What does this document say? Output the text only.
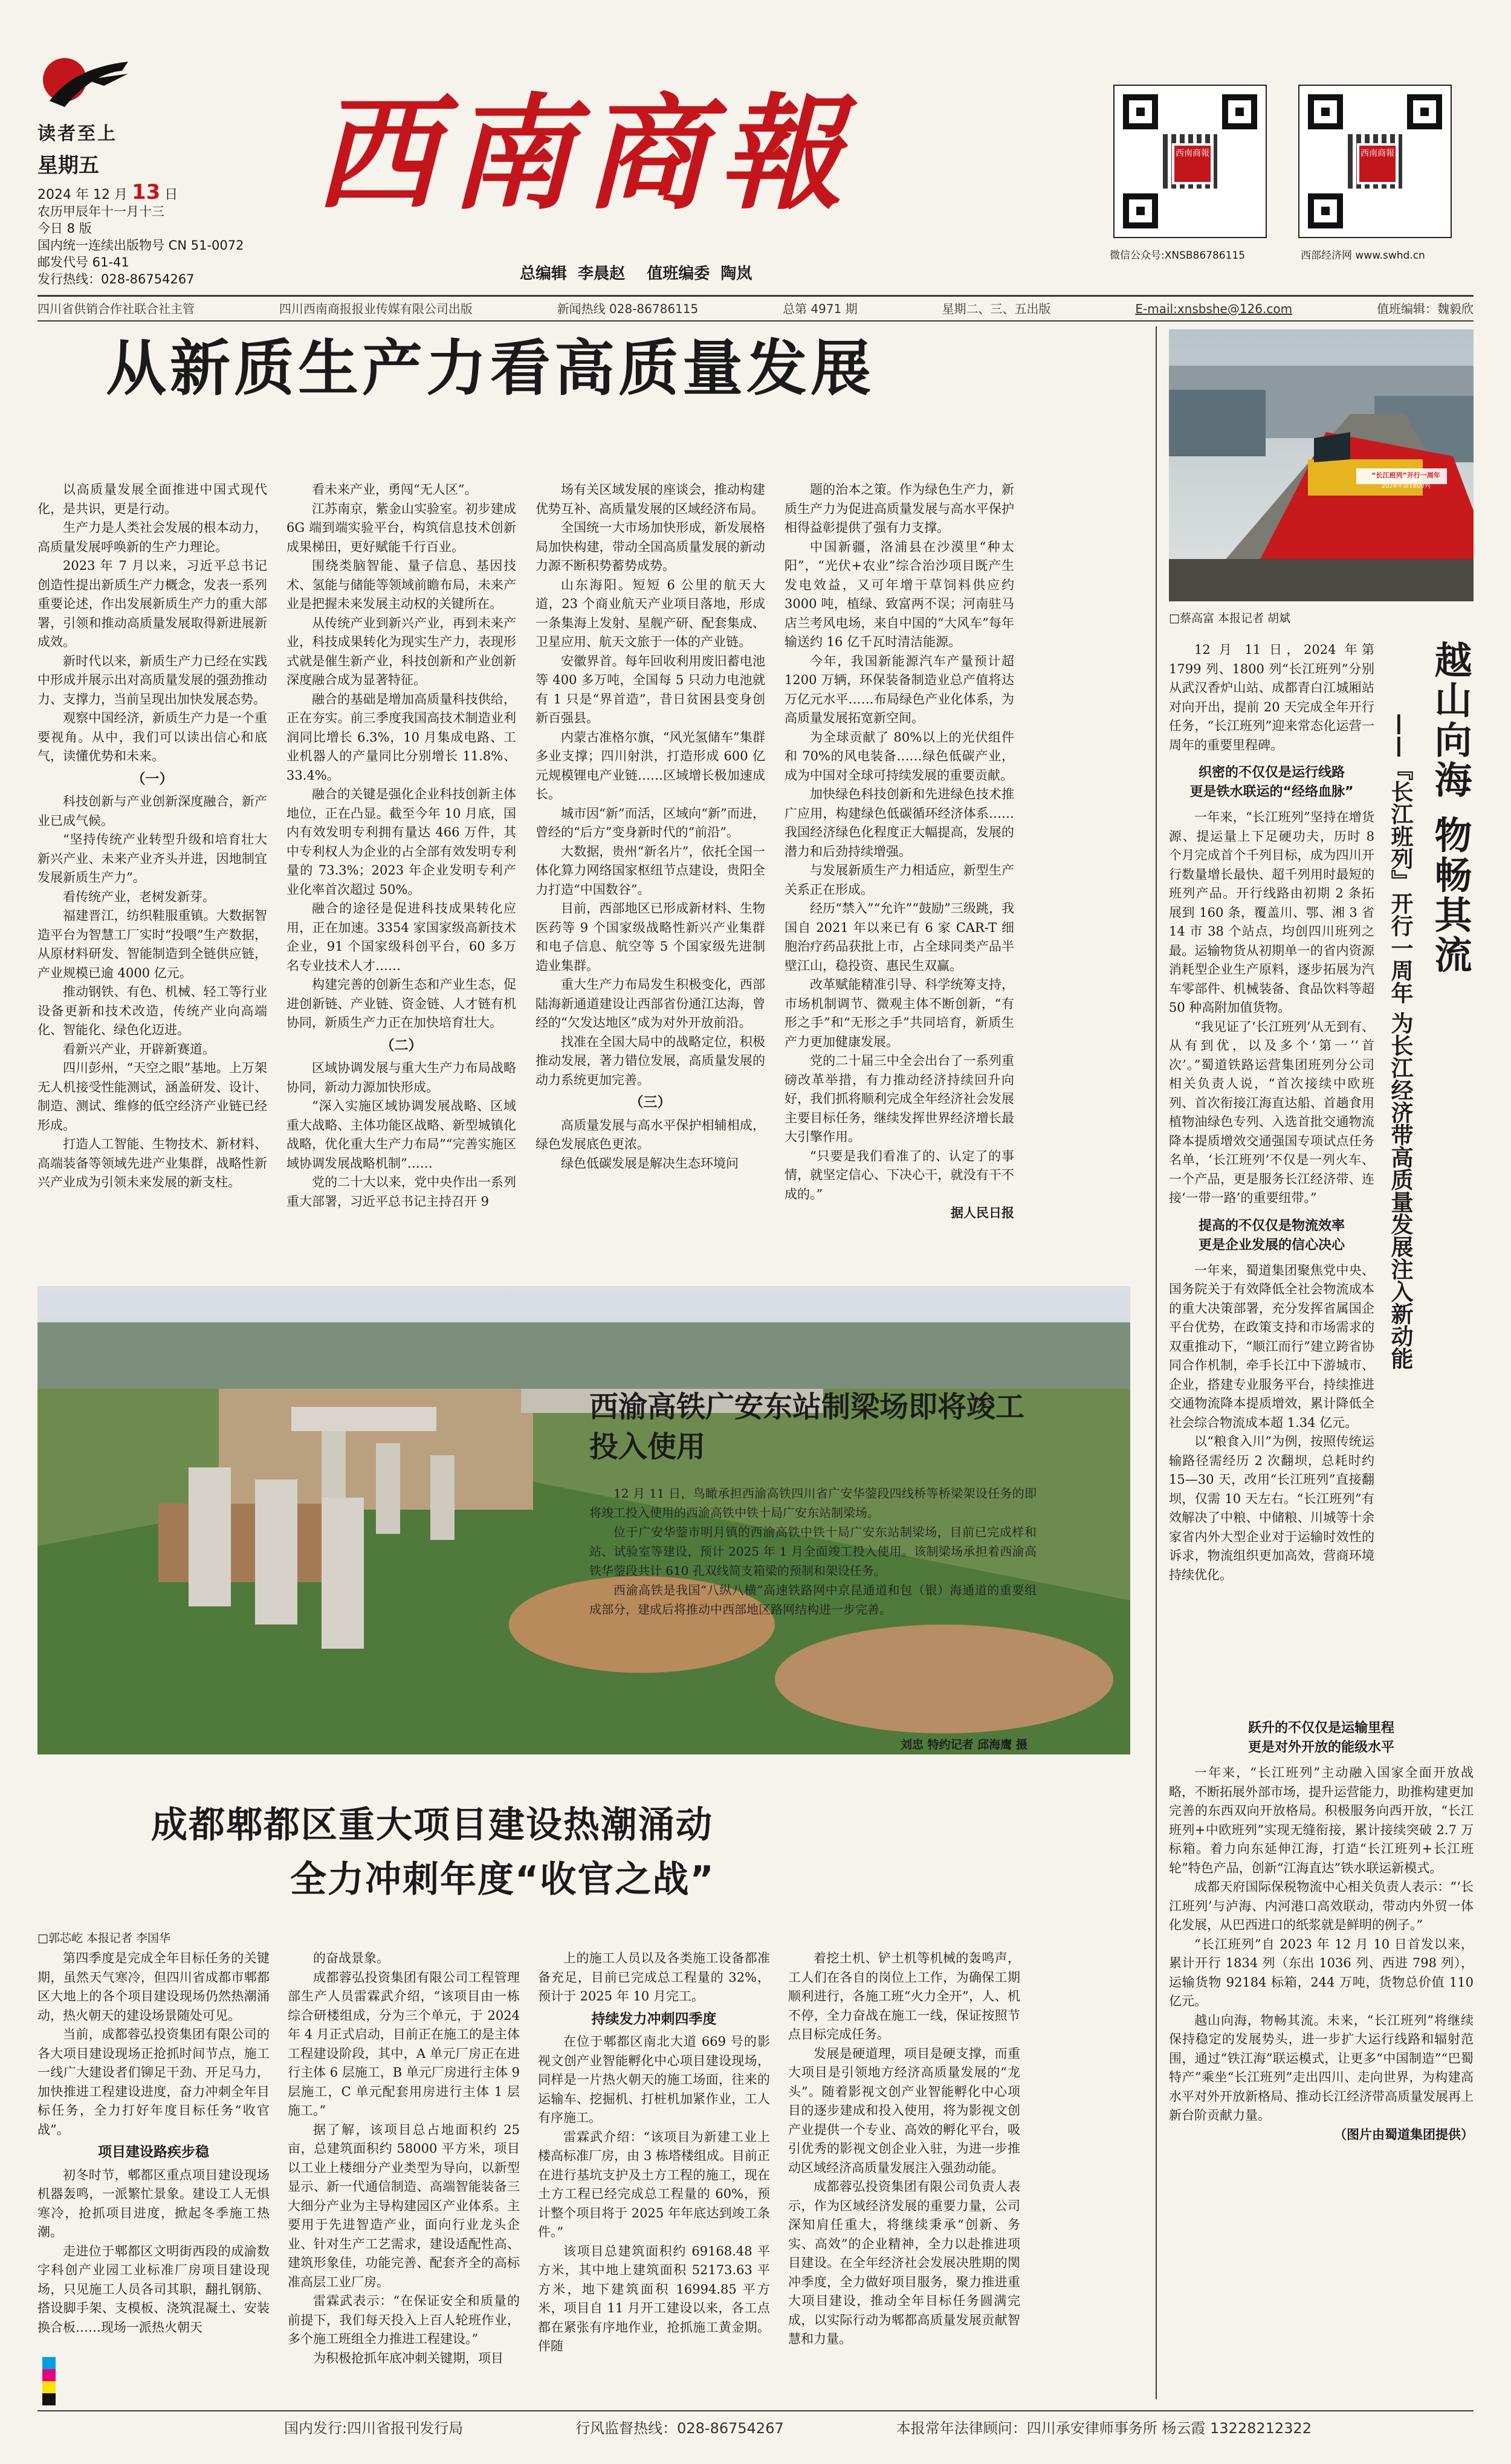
读者至上
星期五
2024 年 12 月 13 日
农历甲辰年十一月十三
今日 8 版
国内统一连续出版物号 CN 51-0072
邮发代号 61-41
发行热线：028-86754267
西南商報
总编辑  李晨赵    值班编委  陶岚
西南商報	西南商報
微信公众号:XNSB86786115	西部经济网 www.swhd.cn
四川省供销合作社联合社主管	四川西南商报报业传媒有限公司出版	新闻热线 028-86786115	总第 4971 期	星期二、三、五出版	E-mail:xnsbshe@126.com	值班编辑：魏毅欣
从新质生产力看高质量发展

以高质量发展全面推进中国式现代化，是共识，更是行动。

生产力是人类社会发展的根本动力，高质量发展呼唤新的生产力理论。

2023 年 7 月以来，习近平总书记创造性提出新质生产力概念，发表一系列重要论述，作出发展新质生产力的重大部署，引领和推动高质量发展取得新进展新成效。

新时代以来，新质生产力已经在实践中形成并展示出对高质量发展的强劲推动力、支撑力，当前呈现出加快发展态势。

观察中国经济，新质生产力是一个重要视角。从中，我们可以读出信心和底气，读懂优势和未来。

（一）

科技创新与产业创新深度融合，新产业已成气候。

“坚持传统产业转型升级和培育壮大新兴产业、未来产业齐头并进，因地制宜发展新质生产力”。

看传统产业，老树发新芽。

福建晋江，纺织鞋服重镇。大数据智造平台为智慧工厂实时“投喂”生产数据，从原材料研发、智能制造到全链供应链，产业规模已逾 4000 亿元。

推动钢铁、有色、机械、轻工等行业设备更新和技术改造，传统产业向高端化、智能化、绿色化迈进。

看新兴产业，开辟新赛道。

四川彭州，“天空之眼”基地。上万架无人机接受性能测试，涵盖研发、设计、制造、测试、维修的低空经济产业链已经形成。

打造人工智能、生物技术、新材料、高端装备等领域先进产业集群，战略性新兴产业成为引领未来发展的新支柱。

看未来产业，勇闯“无人区”。

江苏南京，紫金山实验室。初步建成 6G 端到端实验平台，构筑信息技术创新成果梯田，更好赋能千行百业。

围绕类脑智能、量子信息、基因技术、氢能与储能等领域前瞻布局，未来产业是把握未来发展主动权的关键所在。

从传统产业到新兴产业，再到未来产业，科技成果转化为现实生产力，表现形式就是催生新产业，科技创新和产业创新深度融合成为显著特征。

融合的基础是增加高质量科技供给，正在夯实。前三季度我国高技术制造业利润同比增长 6.3%，10 月集成电路、工业机器人的产量同比分别增长 11.8%、33.4%。

融合的关键是强化企业科技创新主体地位，正在凸显。截至今年 10 月底，国内有效发明专利拥有量达 466 万件，其中专利权人为企业的占全部有效发明专利量的 73.3%；2023 年企业发明专利产业化率首次超过 50%。

融合的途径是促进科技成果转化应用，正在加速。3354 家国家级高新技术企业，91 个国家级科创平台，60 多万名专业技术人才……

构建完善的创新生态和产业生态，促进创新链、产业链、资金链、人才链有机协同，新质生产力正在加快培育壮大。

（二）

区域协调发展与重大生产力布局战略协同，新动力源加快形成。

“深入实施区域协调发展战略、区域重大战略、主体功能区战略、新型城镇化战略，优化重大生产力布局”“完善实施区域协调发展战略机制”……

党的二十大以来，党中央作出一系列重大部署，习近平总书记主持召开 9

场有关区域发展的座谈会，推动构建优势互补、高质量发展的区域经济布局。

全国统一大市场加快形成，新发展格局加快构建，带动全国高质量发展的新动力源不断积势蓄势成势。

山东海阳。短短 6 公里的航天大道，23 个商业航天产业项目落地，形成一条集海上发射、星舰产研、配套集成、卫星应用、航天文旅于一体的产业链。

安徽界首。每年回收利用废旧蓄电池等 400 多万吨，全国每 5 只动力电池就有 1 只是“界首造”，昔日贫困县变身创新百强县。

内蒙古准格尔旗，“风光氢储车”集群多业支撑；四川射洪，打造形成 600 亿元规模锂电产业链……区域增长极加速成长。

城市因“新”而活，区域向“新”而进，曾经的“后方”变身新时代的“前沿”。

大数据，贵州“新名片”，依托全国一体化算力网络国家枢纽节点建设，贵阳全力打造“中国数谷”。

目前，西部地区已形成新材料、生物医药等 9 个国家级战略性新兴产业集群和电子信息、航空等 5 个国家级先进制造业集群。

重大生产力布局发生积极变化，西部陆海新通道建设让西部省份通江达海，曾经的“欠发达地区”成为对外开放前沿。

找准在全国大局中的战略定位，积极推动发展，著力错位发展，高质量发展的动力系统更加完善。

（三）

高质量发展与高水平保护相辅相成，绿色发展底色更浓。

绿色低碳发展是解决生态环境问

题的治本之策。作为绿色生产力，新质生产力为促进高质量发展与高水平保护相得益彰提供了强有力支撑。

中国新疆，洛浦县在沙漠里“种太阳”，“光伏+农业”综合治沙项目既产生发电效益，又可年增干草饲料供应约 3000 吨，植绿、致富两不误；河南驻马店兰考风电场，来自中国的“大风车”每年输送约 16 亿千瓦时清洁能源。

今年，我国新能源汽车产量预计超 1200 万辆，环保装备制造业总产值将达万亿元水平……布局绿色产业化体系，为高质量发展拓宽新空间。

为全球贡献了 80%以上的光伏组件和 70%的风电装备……绿色低碳产业，成为中国对全球可持续发展的重要贡献。

加快绿色科技创新和先进绿色技术推广应用，构建绿色低碳循环经济体系……我国经济绿色化程度正大幅提高，发展的潜力和后劲持续增强。

与发展新质生产力相适应，新型生产关系正在形成。

经历“禁入”“允许”“鼓励”三级跳，我国自 2021 年以来已有 6 家 CAR-T 细胞治疗药品获批上市，占全球同类产品半壁江山，稳投资、惠民生双赢。

改革赋能精准引导、科学统筹支持，市场机制调节、微观主体不断创新，“有形之手”和“无形之手”共同培育，新质生产力更加健康发展。

党的二十届三中全会出台了一系列重磅改革举措，有力推动经济持续回升向好，我们抓将顺利完成全年经济社会发展主要目标任务，继续发挥世界经济增长最大引擎作用。

“只要是我们看准了的、认定了的事情，就坚定信心、下决心干，就没有干不成的。”

据人民日报

“长江班列”开行一周年
2024年第1800列
□蔡高富 本报记者 胡斌
越山向海 物畅其流
——『长江班列』开行一周年 为长江经济带高质量发展注入新动能

12 月 11 日，2024 年第 1799 列、1800 列“长江班列”分别从武汉香炉山站、成都青白江城厢站对向开出，提前 20 天完成全年开行任务，“长江班列”迎来常态化运营一周年的重要里程碑。

织密的不仅仅是运行线路
更是铁水联运的“经络血脉”

一年来，“长江班列”坚持在增货源、提运量上下足硬功夫，历时 8 个月完成首个千列目标，成为四川开行数量增长最快、超千列用时最短的班列产品。开行线路由初期 2 条拓展到 160 条，覆盖川、鄂、湘 3 省 14 市 38 个站点，均创四川班列之最。运输物货从初期单一的省内资源消耗型企业生产原料，逐步拓展为汽车零部件、机械装备、食品饮料等超 50 种高附加值货物。

“我见证了‘长江班列’从无到有、从有到优，以及多个‘第一’‘首次’。”蜀道铁路运营集团班列分公司相关负责人说，“首次接续中欧班列、首次衔接江海直达船、首趟食用植物油绿色专列、入选首批交通物流降本提质增效交通强国专项试点任务名单，‘长江班列’不仅是一列火车、一个产品，更是服务长江经济带、连接‘一带一路’的重要纽带。”

提高的不仅仅是物流效率
更是企业发展的信心决心

一年来，蜀道集团聚焦党中央、国务院关于有效降低全社会物流成本的重大决策部署，充分发挥省属国企平台优势，在政策支持和市场需求的双重推动下，“顺江而行”建立跨省协同合作机制，牵手长江中下游城市、企业，搭建专业服务平台，持续推进交通物流降本提质增效，累计降低全社会综合物流成本超 1.34 亿元。

以“粮食入川”为例，按照传统运输路径需经历 2 次翻坝，总耗时约 15—30 天，改用“长江班列”直接翻坝，仅需 10 天左右。“长江班列”有效解决了中粮、中储粮、川城等十余家省内外大型企业对于运输时效性的诉求，物流组织更加高效，营商环境持续优化。

跃升的不仅仅是运输里程
更是对外开放的能级水平

一年来，“长江班列”主动融入国家全面开放战略，不断拓展外部市场，提升运营能力，助推构建更加完善的东西双向开放格局。积极服务向西开放，“长江班列+中欧班列”实现无缝衔接，累计接续突破 2.7 万标箱。着力向东延伸江海，打造“长江班列+长江班轮”特色产品，创新“江海直达”铁水联运新模式。

成都天府国际保税物流中心相关负责人表示：“‘长江班列’与泸海、内河港口高效联动，带动内外贸一体化发展，从巴西进口的纸浆就是鲜明的例子。”

“长江班列”自 2023 年 12 月 10 日首发以来，累计开行 1834 列（东出 1036 列、西进 798 列），运输货物 92184 标箱，244 万吨，货物总价值 110 亿元。

越山向海，物畅其流。未来，“长江班列”将继续保持稳定的发展势头，进一步扩大运行线路和辐射范围，通过“铁江海”联运模式，让更多“中国制造”“巴蜀特产”乘坐“长江班列”走出四川、走向世界，为构建高水平对外开放新格局、推动长江经济带高质量发展再上新台阶贡献力量。

（图片由蜀道集团提供）

西渝高铁广安东站制梁场即将竣工投入使用

12 月 11 日，鸟瞰承担西渝高铁四川省广安华蓥段四线桥等桥梁架设任务的即将竣工投入使用的西渝高铁中铁十局广安东站制梁场。

位于广安华蓥市明月镇的西渝高铁中铁十局广安东站制梁场，目前已完成样和站、试验室等建设，预计 2025 年 1 月全面竣工投入使用。该制梁场承担着西渝高铁华蓥段共计 610 孔双线简支箱梁的预制和架设任务。

西渝高铁是我国“八纵八横”高速铁路网中京昆通道和包（银）海通道的重要组成部分，建成后将推动中西部地区路网结构进一步完善。

刘忠 特约记者 邱海鹰 摄
成都郫都区重大项目建设热潮涌动
全力冲刺年度“收官之战”
□郭芯屹 本报记者 李国华

第四季度是完成全年目标任务的关键期，虽然天气寒冷，但四川省成都市郫都区大地上的各个项目建设现场仍然热潮涌动，热火朝天的建设场景随处可见。

当前，成都蓉弘投资集团有限公司的各大项目建设现场正抢抓时间节点，施工一线广大建设者们铆足干劲、开足马力，加快推进工程建设进度，奋力冲刺全年目标任务，全力打好年度目标任务“收官战”。

项目建设路疾步稳

初冬时节，郫都区重点项目建设现场机器轰鸣，一派繁忙景象。建设工人无惧寒冷，抢抓项目进度，掀起冬季施工热潮。

走进位于郫都区文明街西段的成渝数字科创产业园工业标准厂房项目建设现场，只见施工人员各司其职，翻扎钢筋、搭设脚手架、支模板、浇筑混凝土、安装换合板……现场一派热火朝天

的奋战景象。

成都蓉弘投资集团有限公司工程管理部生产人员雷霖武介绍，“该项目由一栋综合研楼组成，分为三个单元，于 2024 年 4 月正式启动，目前正在施工的是主体工程建设阶段，其中，A 单元厂房正在进行主体 6 层施工，B 单元厂房进行主体 9 层施工，C 单元配套用房进行主体 1 层施工。”

据了解，该项目总占地面积约 25 亩，总建筑面积约 58000 平方米，项目以工业上楼细分产业类型为导向，以新型显示、新一代通信制造、高端智能装备三大细分产业为主导构建园区产业体系。主要用于先进智造产业，面向行业龙头企业、针对生产工艺需求，建设适配性高、建筑形象佳，功能完善、配套齐全的高标准高层工业厂房。

雷霖武表示：“在保证安全和质量的前提下，我们每天投入上百人轮班作业，多个施工班组全力推进工程建设。”

为积极抢抓年底冲刺关键期，项目

上的施工人员以及各类施工设备都准备充足，目前已完成总工程量的 32%，预计于 2025 年 10 月完工。

持续发力冲刺四季度

在位于郫都区南北大道 669 号的影视文创产业智能孵化中心项目建设现场，同样是一片热火朝天的施工场面，往来的运输车、挖掘机、打桩机加紧作业，工人有序施工。

雷霖武介绍：“该项目为新建工业上楼高标准厂房，由 3 栋塔楼组成。目前正在进行基坑支护及土方工程的施工，现在土方工程已经完成总工程量的 60%，预计整个项目将于 2025 年年底达到竣工条件。”

该项目总建筑面积约 69168.48 平方米，其中地上建筑面积 52173.63 平方米，地下建筑面积 16994.85 平方米，项目自 11 月开工建设以来，各工点都在紧张有序地作业，抢抓施工黄金期。伴随

着挖土机、铲土机等机械的轰鸣声，工人们在各自的岗位上工作，为确保工期顺利进行，各施工班“火力全开”，人、机不停，全力奋战在施工一线，保证按照节点目标完成任务。

发展是硬道理，项目是硬支撑，而重大项目是引领地方经济高质量发展的“龙头”。随着影视文创产业智能孵化中心项目的逐步建成和投入使用，将为影视文创产业提供一个专业、高效的孵化平台，吸引优秀的影视文创企业入驻，为进一步推动区域经济高质量发展注入强劲动能。

成都蓉弘投资集团有限公司负责人表示，作为区域经济发展的重要力量，公司深知肩任重大，将继续秉承“创新、务实、高效”的企业精神，全力以赴推进项目建设。在全年经济社会发展决胜期的関冲季度，全力做好项目服务，聚力推进重大项目建设，推动全年目标任务圆满完成，以实际行动为郫都高质量发展贡献智慧和力量。

国内发行:四川省报刊发行局	行风监督热线：028-86754267	本报常年法律顾问：四川承安律师事务所 杨云霞 13228212322
